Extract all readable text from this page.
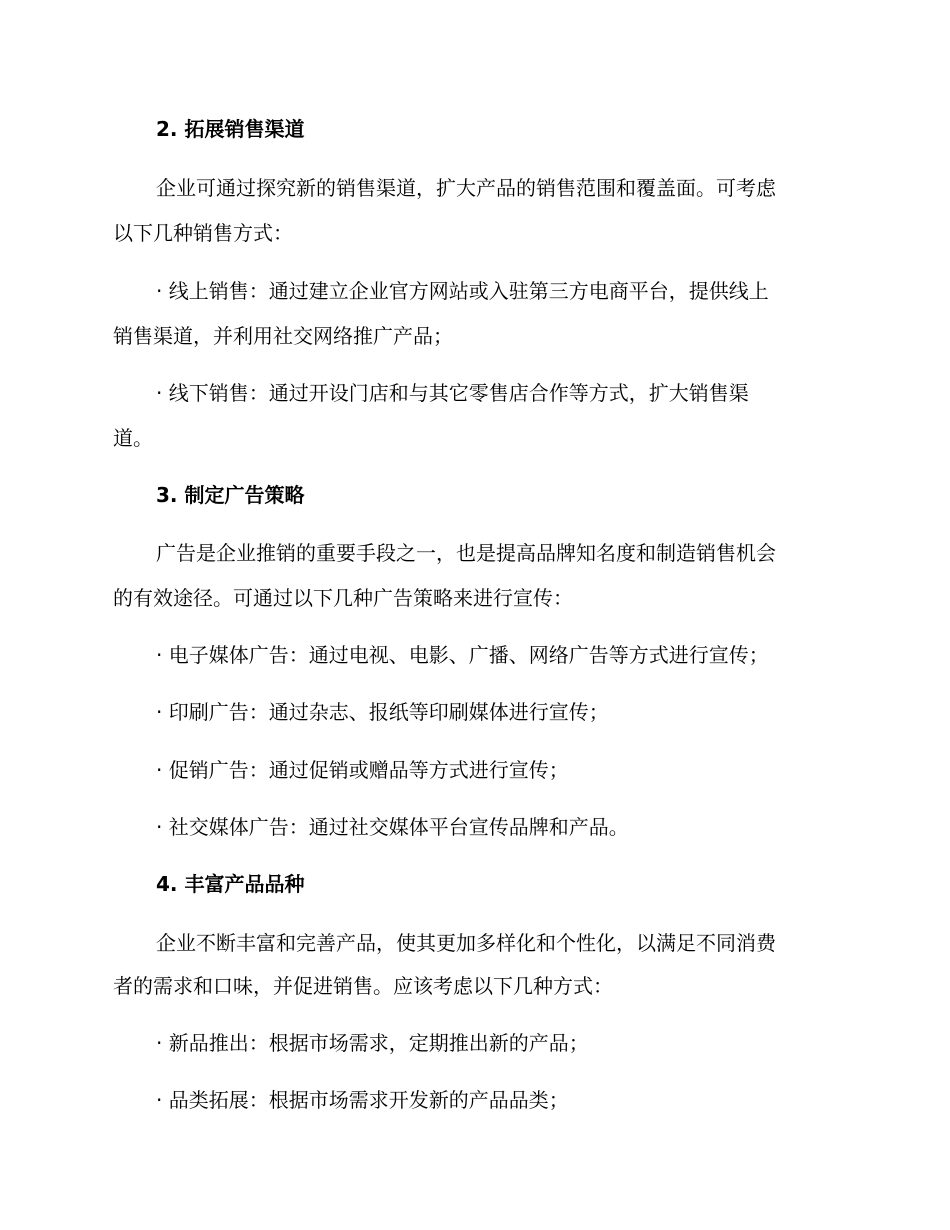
2. 拓展销售渠道
企业可通过探究新的销售渠道，扩大产品的销售范围和覆盖面。可考虑
以下几种销售方式：
· 线上销售：通过建立企业官方网站或入驻第三方电商平台，提供线上
销售渠道，并利用社交网络推广产品；
· 线下销售：通过开设门店和与其它零售店合作等方式，扩大销售渠
道。
3. 制定广告策略
广告是企业推销的重要手段之一，也是提高品牌知名度和制造销售机会
的有效途径。可通过以下几种广告策略来进行宣传：
· 电子媒体广告：通过电视、电影、广播、网络广告等方式进行宣传；
· 印刷广告：通过杂志、报纸等印刷媒体进行宣传；
· 促销广告：通过促销或赠品等方式进行宣传；
· 社交媒体广告：通过社交媒体平台宣传品牌和产品。
4. 丰富产品品种
企业不断丰富和完善产品，使其更加多样化和个性化，以满足不同消费
者的需求和口味，并促进销售。应该考虑以下几种方式：
· 新品推出：根据市场需求，定期推出新的产品；
· 品类拓展：根据市场需求开发新的产品品类；
